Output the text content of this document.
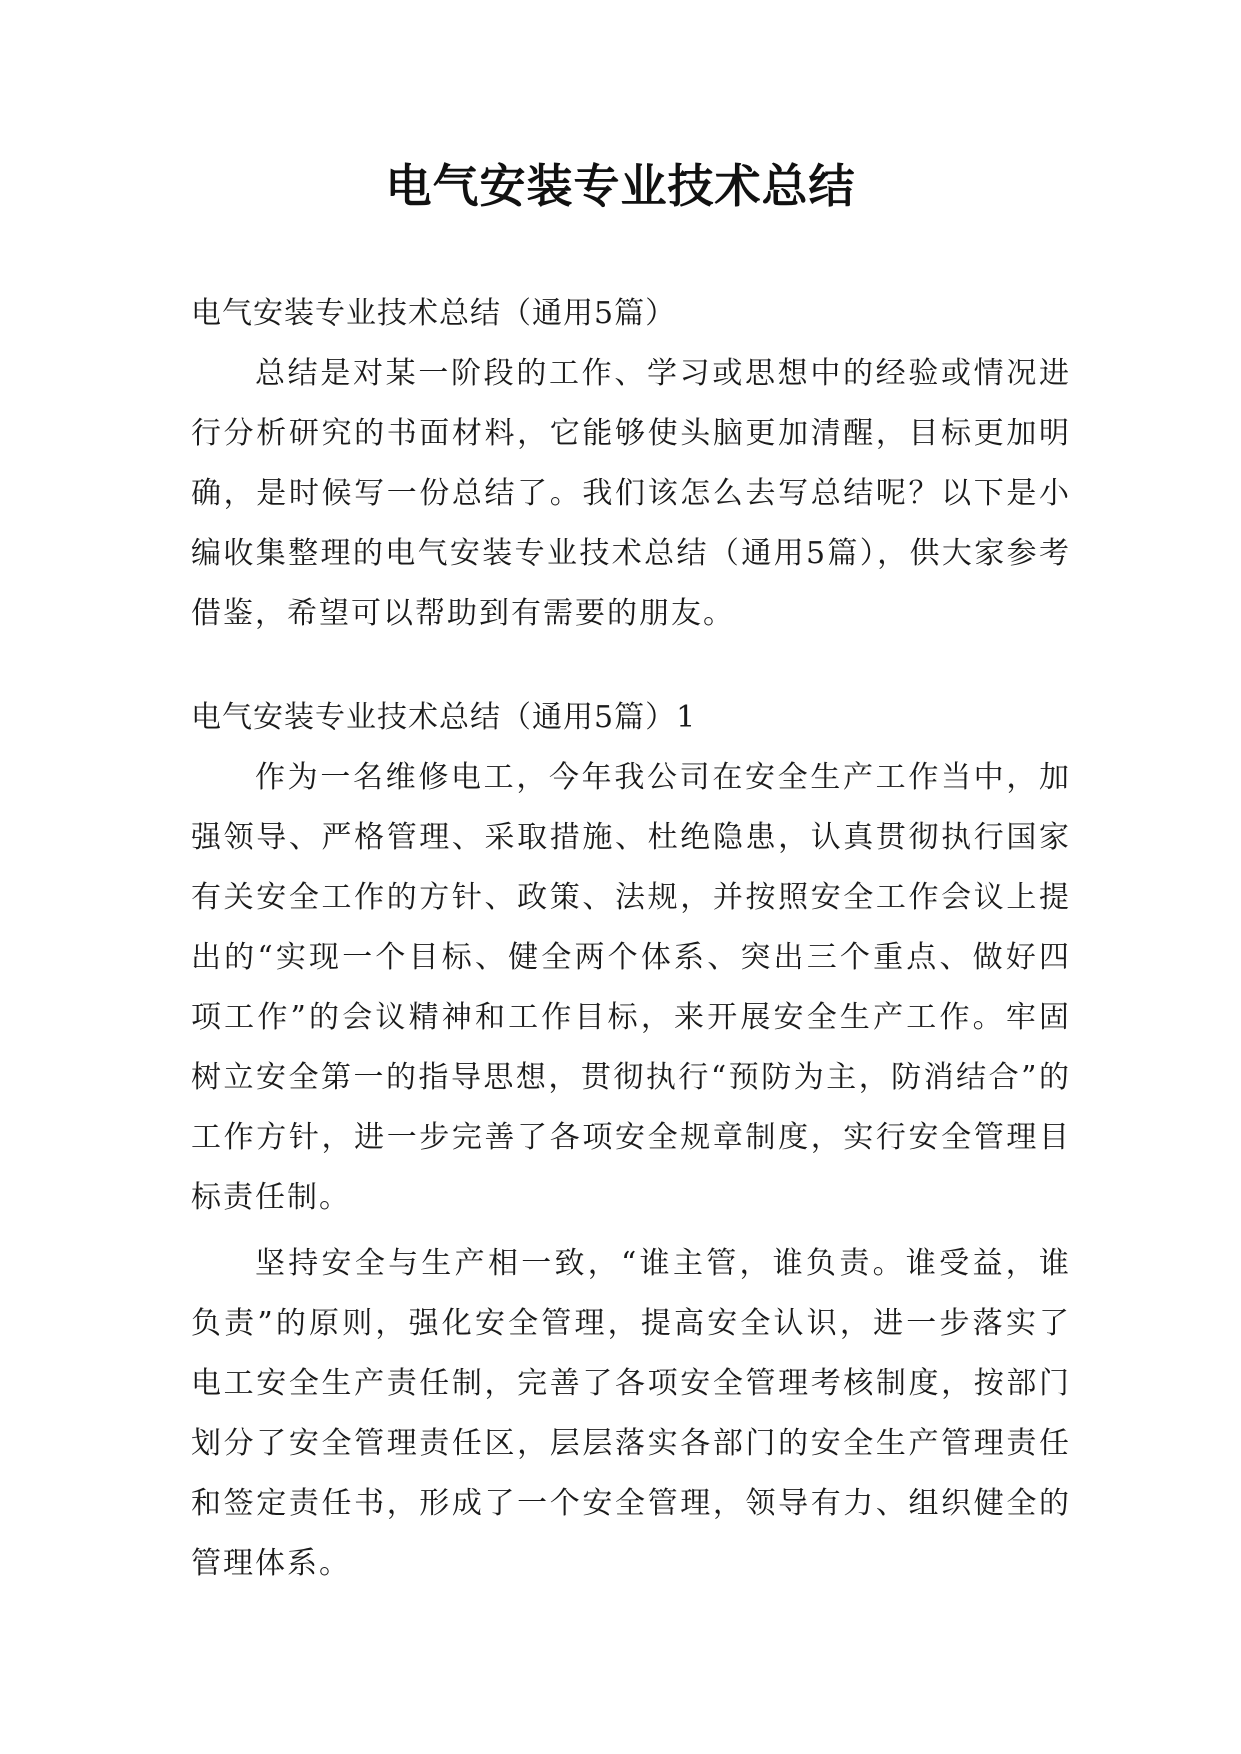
电气安装专业技术总结

电气安装专业技术总结（通用5篇）

总结是对某一阶段的工作、学习或思想中的经验或情况进行分析研究的书面材料，它能够使头脑更加清醒，目标更加明确，是时候写一份总结了。我们该怎么去写总结呢？以下是小编收集整理的电气安装专业技术总结（通用5篇），供大家参考借鉴，希望可以帮助到有需要的朋友。

电气安装专业技术总结（通用5篇）1

作为一名维修电工，今年我公司在安全生产工作当中，加强领导、严格管理、采取措施、杜绝隐患，认真贯彻执行国家有关安全工作的方针、政策、法规，并按照安全工作会议上提出的“实现一个目标、健全两个体系、突出三个重点、做好四项工作”的会议精神和工作目标，来开展安全生产工作。牢固树立安全第一的指导思想，贯彻执行“预防为主，防消结合”的工作方针，进一步完善了各项安全规章制度，实行安全管理目标责任制。

坚持安全与生产相一致，“谁主管，谁负责。谁受益，谁负责”的原则，强化安全管理，提高安全认识，进一步落实了电工安全生产责任制，完善了各项安全管理考核制度，按部门划分了安全管理责任区，层层落实各部门的安全生产管理责任和签定责任书，形成了一个安全管理，领导有力、组织健全的管理体系。
